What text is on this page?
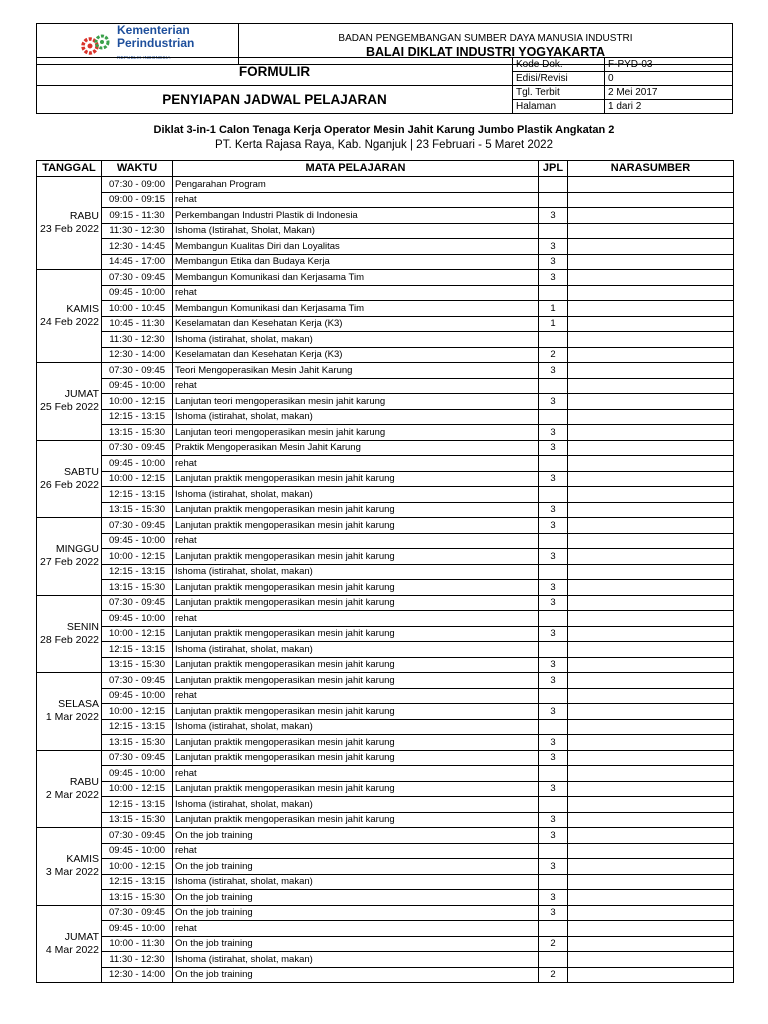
Kementerian
Perindustrian
REPUBLIK INDONESIA

BADAN PENGEMBANGAN SUMBER DAYA MANUSIA INDUSTRI
BALAI DIKLAT INDUSTRI YOGYAKARTA
FORMULIR	Kode Dok.	F-PYD-03
	Edisi/Revisi	0
PENYIAPAN JADWAL PELAJARAN	Tgl. Terbit	2 Mei 2017
	Halaman	1 dari 2
Diklat 3-in-1 Calon Tenaga Kerja Operator Mesin Jahit Karung Jumbo Plastik Angkatan 2
PT. Kerta Rajasa Raya, Kab. Nganjuk | 23 Februari - 5 Maret 2022
TANGGAL	WAKTU	MATA PELAJARAN	JPL	NARASUMBER

RABU
23 Feb 2022	07:30 - 09:00	Pengarahan Program		
	09:00 - 09:15	rehat		
	09:15 - 11:30	Perkembangan Industri Plastik di Indonesia	3	
	11:30 - 12:30	Ishoma (Istirahat, Sholat, Makan)		
	12:30 - 14:45	Membangun Kualitas Diri dan Loyalitas	3	
	14:45 - 17:00	Membangun Etika dan Budaya Kerja	3	

KAMIS
24 Feb 2022	07:30 - 09:45	Membangun Komunikasi dan Kerjasama Tim	3	
	09:45 - 10:00	rehat		
	10:00 - 10:45	Membangun Komunikasi dan Kerjasama Tim	1	
	10:45 - 11:30	Keselamatan dan Kesehatan Kerja (K3)	1	
	11:30 - 12:30	Ishoma (istirahat, sholat, makan)		
	12:30 - 14:00	Keselamatan dan Kesehatan Kerja (K3)	2	

JUMAT
25 Feb 2022	07:30 - 09:45	Teori Mengoperasikan Mesin Jahit Karung	3	
	09:45 - 10:00	rehat		
	10:00 - 12:15	Lanjutan teori mengoperasikan mesin jahit karung	3	
	12:15 - 13:15	Ishoma (istirahat, sholat, makan)		
	13:15 - 15:30	Lanjutan teori mengoperasikan mesin jahit karung	3	

SABTU
26 Feb 2022	07:30 - 09:45	Praktik Mengoperasikan Mesin Jahit Karung	3	
	09:45 - 10:00	rehat		
	10:00 - 12:15	Lanjutan praktik mengoperasikan mesin jahit karung	3	
	12:15 - 13:15	Ishoma (istirahat, sholat, makan)		
	13:15 - 15:30	Lanjutan praktik mengoperasikan mesin jahit karung	3	

MINGGU
27 Feb 2022	07:30 - 09:45	Lanjutan praktik mengoperasikan mesin jahit karung	3	
	09:45 - 10:00	rehat		
	10:00 - 12:15	Lanjutan praktik mengoperasikan mesin jahit karung	3	
	12:15 - 13:15	Ishoma (istirahat, sholat, makan)		
	13:15 - 15:30	Lanjutan praktik mengoperasikan mesin jahit karung	3	

SENIN
28 Feb 2022	07:30 - 09:45	Lanjutan praktik mengoperasikan mesin jahit karung	3	
	09:45 - 10:00	rehat		
	10:00 - 12:15	Lanjutan praktik mengoperasikan mesin jahit karung	3	
	12:15 - 13:15	Ishoma (istirahat, sholat, makan)		
	13:15 - 15:30	Lanjutan praktik mengoperasikan mesin jahit karung	3	

SELASA
1 Mar 2022	07:30 - 09:45	Lanjutan praktik mengoperasikan mesin jahit karung	3	
	09:45 - 10:00	rehat		
	10:00 - 12:15	Lanjutan praktik mengoperasikan mesin jahit karung	3	
	12:15 - 13:15	Ishoma (istirahat, sholat, makan)		
	13:15 - 15:30	Lanjutan praktik mengoperasikan mesin jahit karung	3	

RABU
2 Mar 2022	07:30 - 09:45	Lanjutan praktik mengoperasikan mesin jahit karung	3	
	09:45 - 10:00	rehat		
	10:00 - 12:15	Lanjutan praktik mengoperasikan mesin jahit karung	3	
	12:15 - 13:15	Ishoma (istirahat, sholat, makan)		
	13:15 - 15:30	Lanjutan praktik mengoperasikan mesin jahit karung	3	

KAMIS
3 Mar 2022	07:30 - 09:45	On the job training	3	
	09:45 - 10:00	rehat		
	10:00 - 12:15	On the job training	3	
	12:15 - 13:15	Ishoma (istirahat, sholat, makan)		
	13:15 - 15:30	On the job training	3	

JUMAT
4 Mar 2022	07:30 - 09:45	On the job training	3	
	09:45 - 10:00	rehat		
	10:00 - 11:30	On the job training	2	
	11:30 - 12:30	Ishoma (istirahat, sholat, makan)		
	12:30 - 14:00	On the job training	2	
